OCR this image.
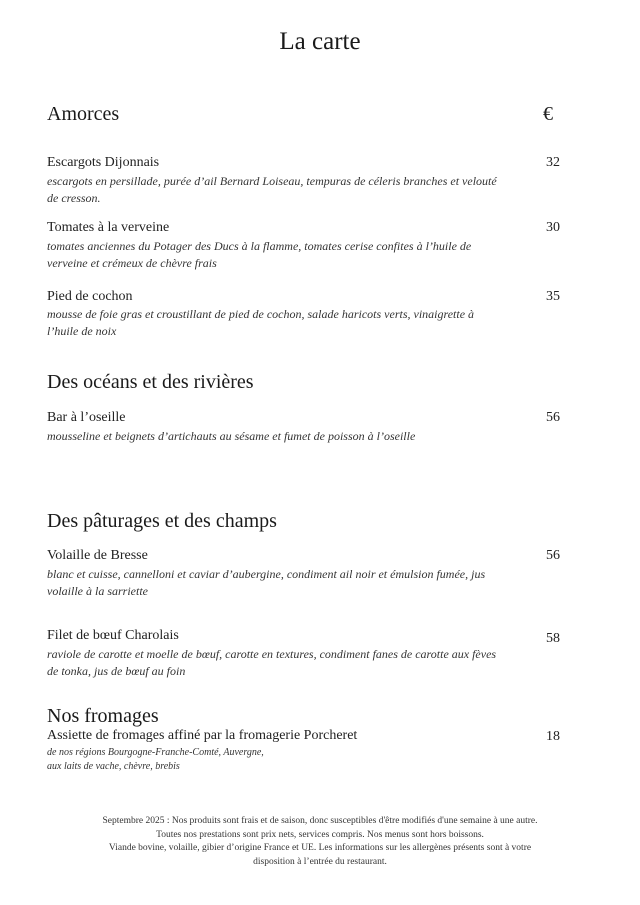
La carte
Amorces	€
Escargots Dijonnais
escargots en persillade, purée d’ail Bernard Loiseau, tempuras de céleris branches et velouté de cresson.
32
Tomates à la verveine
tomates anciennes du Potager des Ducs à la flamme, tomates cerise confites à l’huile de verveine et crémeux de chèvre frais
30
Pied de cochon
mousse de foie gras et croustillant de pied de cochon, salade haricots verts, vinaigrette à l’huile de noix
35
Des océans et des rivières
Bar à l’oseille
mousseline et beignets d’artichauts au sésame et fumet de poisson à l’oseille
56
Des pâturages et des champs
Volaille de Bresse
blanc et cuisse, cannelloni et caviar d’aubergine, condiment ail noir et émulsion fumée, jus volaille à la sarriette
56
Filet de bœuf Charolais
raviole de carotte et moelle de bœuf, carotte en textures, condiment fanes de carotte aux fèves de tonka, jus de bœuf au foin
58
Nos fromages
Assiette de fromages affiné par la fromagerie Porcheret
de nos régions Bourgogne-Franche-Comté, Auvergne,
aux laits de vache, chèvre, brebis
18
Septembre 2025 : Nos produits sont frais et de saison, donc susceptibles d'être modifiés d'une semaine à une autre.
Toutes nos prestations sont prix nets, services compris. Nos menus sont hors boissons.
Viande bovine, volaille, gibier d’origine France et UE. Les informations sur les allergènes présents sont à votre
disposition à l’entrée du restaurant.
